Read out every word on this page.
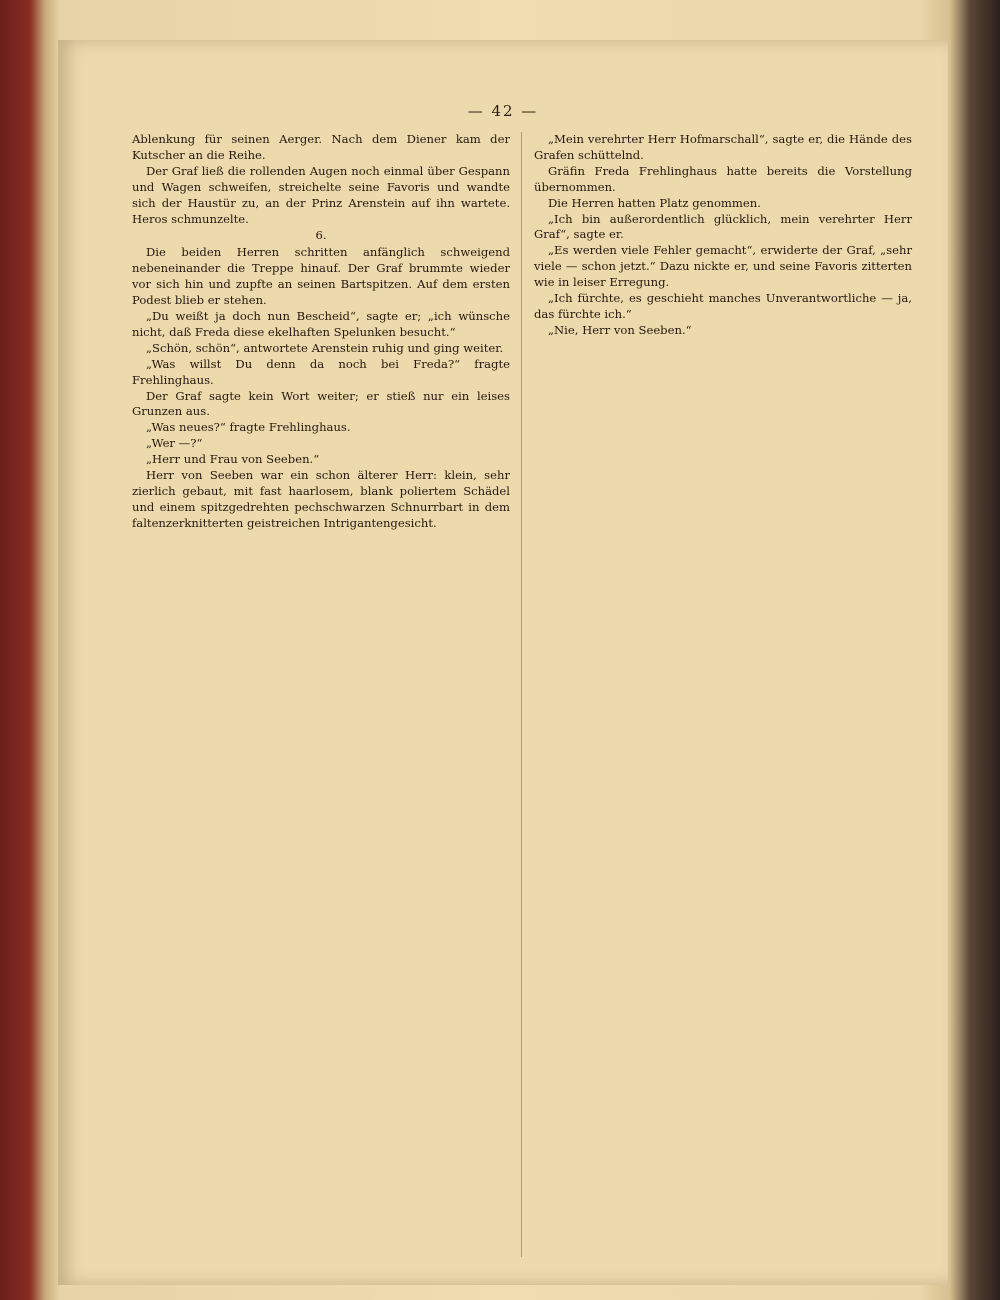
— 42 —

Ablenkung für seinen Aerger. Nach dem Diener kam der Kutscher an die Reihe.

Der Graf ließ die rollenden Augen noch einmal über Gespann und Wagen schweifen, streichelte seine Favoris und wandte sich der Haustür zu, an der Prinz Arenstein auf ihn wartete. Heros schmunzelte.

6.

Die beiden Herren schritten anfänglich schweigend nebeneinander die Treppe hinauf. Der Graf brummte wieder vor sich hin und zupfte an seinen Bartspitzen. Auf dem ersten Podest blieb er stehen.

„Du weißt ja doch nun Bescheid“, sagte er; „ich wünsche nicht, daß Freda diese ekelhaften Spelunken besucht.“

„Schön, schön“, antwortete Arenstein ruhig und ging weiter.

„Was willst Du denn da noch bei Freda?“ fragte Frehlinghaus.

Der Graf sagte kein Wort weiter; er stieß nur ein leises Grunzen aus.

„Was neues?“ fragte Frehlinghaus.

„Wer —?“

„Herr und Frau von Seeben.“

Herr von Seeben war ein schon älterer Herr: klein, sehr zierlich gebaut, mit fast haarlosem, blank poliertem Schädel und einem spitzgedrehten pechschwarzen Schnurrbart in dem faltenzerknitterten geistreichen Intrigantengesicht.

„Mein verehrter Herr Hofmarschall“, sagte er, die Hände des Grafen schüttelnd.

Gräfin Freda Frehlinghaus hatte bereits die Vorstellung übernommen.

Die Herren hatten Platz genommen.

„Ich bin außerordentlich glücklich, mein verehrter Herr Graf“, sagte er.

„Es werden viele Fehler gemacht“, erwiderte der Graf, „sehr viele — schon jetzt.“ Dazu nickte er, und seine Favoris zitterten wie in leiser Erregung.

„Ich fürchte, es geschieht manches Unverantwortliche — ja, das fürchte ich.“

„Nie, Herr von Seeben.“
